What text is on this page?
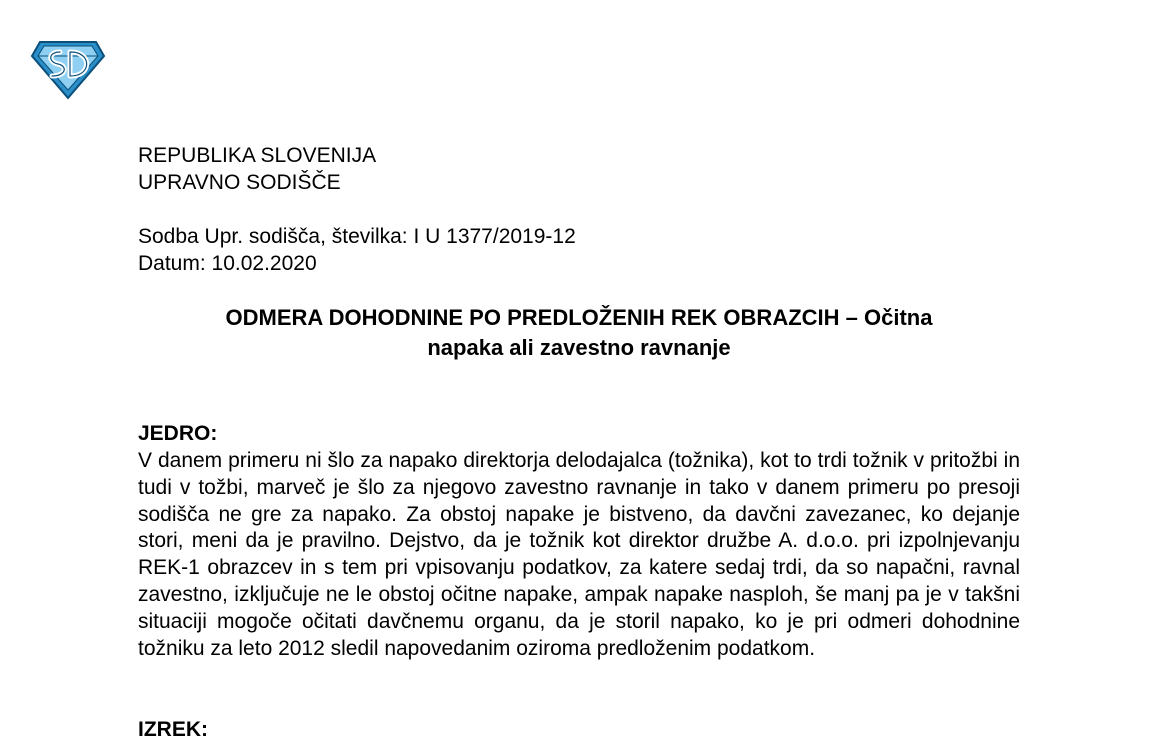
REPUBLIKA SLOVENIJA
UPRAVNO SODIŠČE
Sodba Upr. sodišča, številka: I U 1377/2019-12
Datum: 10.02.2020
ODMERA DOHODNINE PO PREDLOŽENIH REK OBRAZCIH – Očitna
napaka ali zavestno ravnanje
JEDRO:
V danem primeru ni šlo za napako direktorja delodajalca (tožnika), kot to trdi tožnik v pritožbi in tudi v tožbi, marveč je šlo za njegovo zavestno ravnanje in tako v danem primeru po presoji sodišča ne gre za napako. Za obstoj napake je bistveno, da davčni zavezanec, ko dejanje stori, meni da je pravilno. Dejstvo, da je tožnik kot direktor družbe A. d.o.o. pri izpolnjevanju REK-1 obrazcev in s tem pri vpisovanju podatkov, za katere sedaj trdi, da so napačni, ravnal zavestno, izključuje ne le obstoj očitne napake, ampak napake nasploh, še manj pa je v takšni situaciji mogoče očitati davčnemu organu, da je storil napako, ko je pri odmeri dohodnine tožniku za leto 2012 sledil napovedanim oziroma predloženim podatkom.
IZREK:
